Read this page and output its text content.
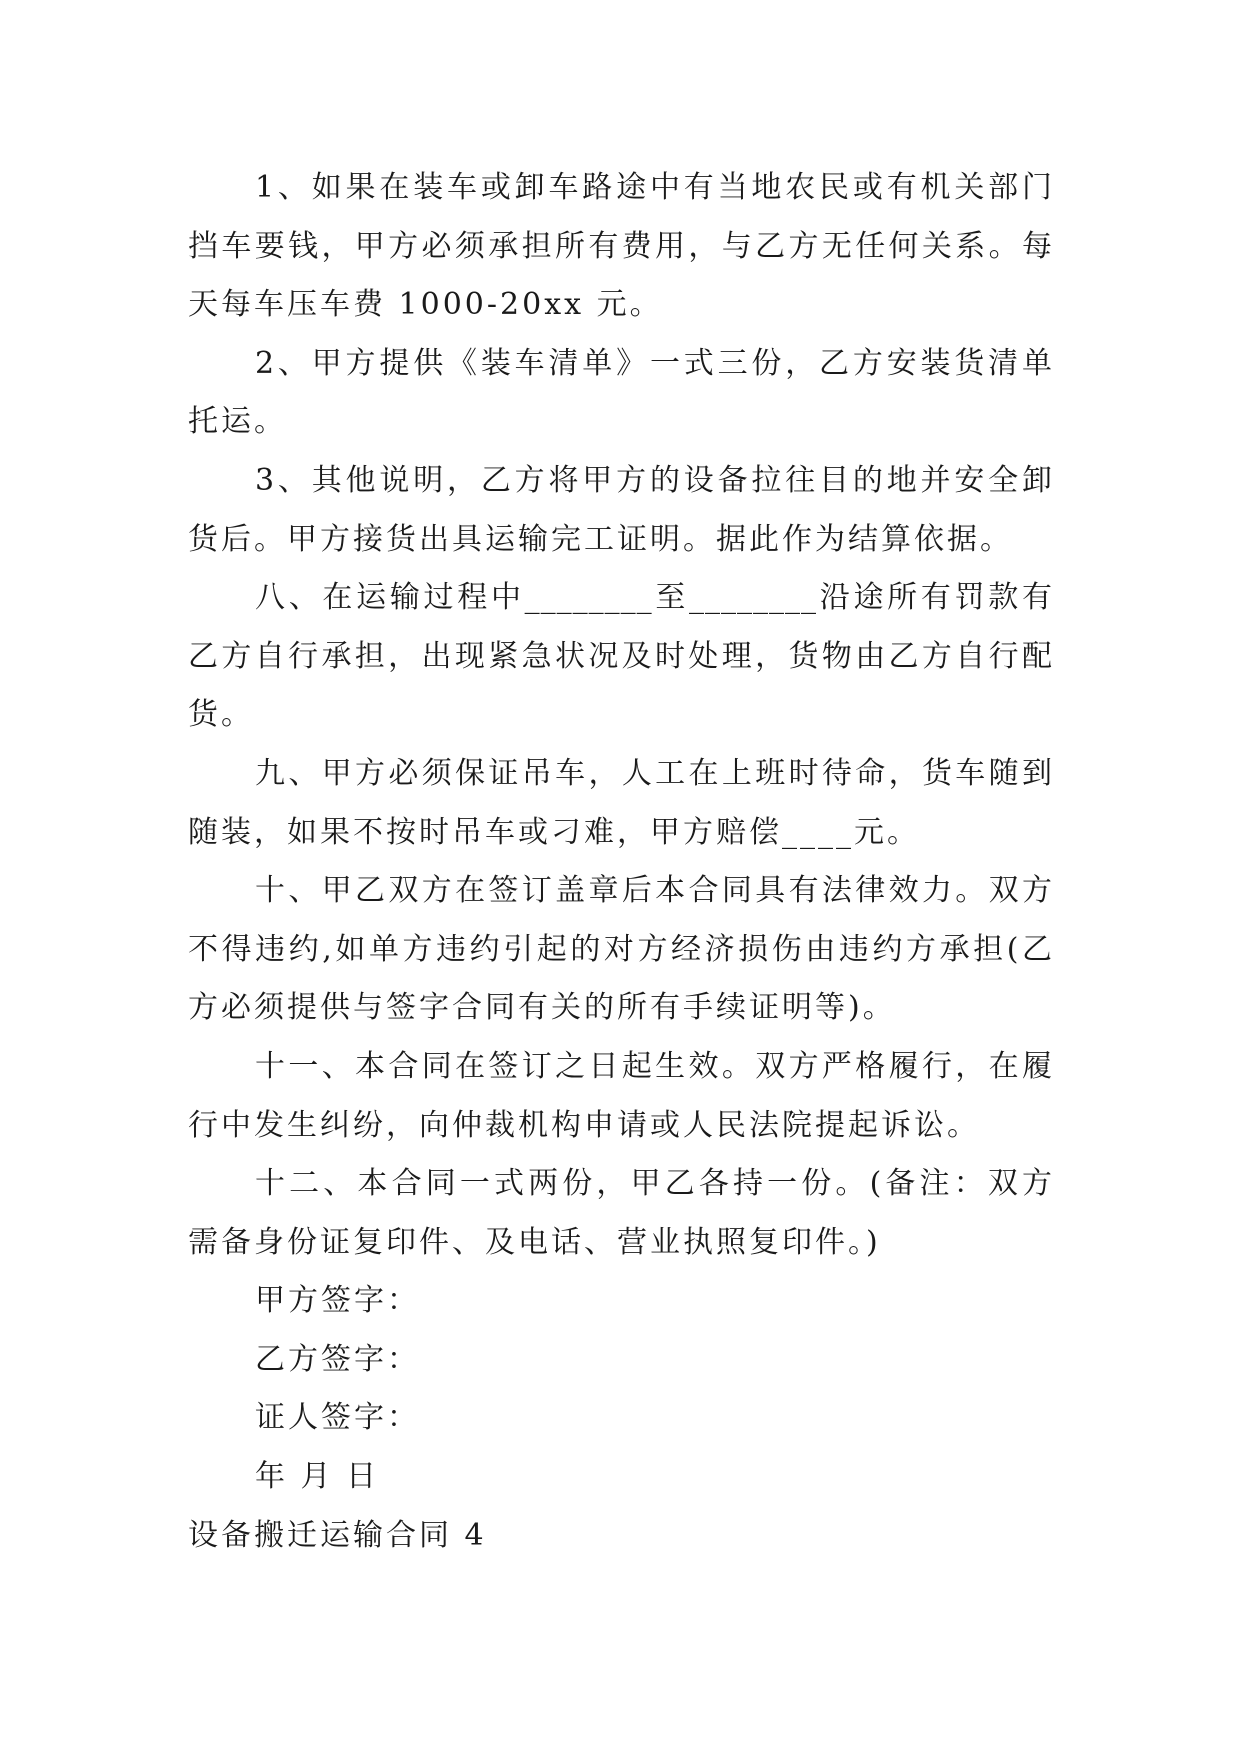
1、如果在装车或卸车路途中有当地农民或有机关部门
挡车要钱，甲方必须承担所有费用，与乙方无任何关系。每
天每车压车费 1000-20xx 元。
2、甲方提供《装车清单》一式三份，乙方安装货清单
托运。
3、其他说明，乙方将甲方的设备拉往目的地并安全卸
货后。甲方接货出具运输完工证明。据此作为结算依据。
八、在运输过程中________至________沿途所有罚款有
乙方自行承担，出现紧急状况及时处理，货物由乙方自行配
货。
九、甲方必须保证吊车，人工在上班时待命，货车随到
随装，如果不按时吊车或刁难，甲方赔偿____元。
十、甲乙双方在签订盖章后本合同具有法律效力。双方
不得违约,如单方违约引起的对方经济损伤由违约方承担(乙
方必须提供与签字合同有关的所有手续证明等)。
十一、本合同在签订之日起生效。双方严格履行，在履
行中发生纠纷，向仲裁机构申请或人民法院提起诉讼。
十二、本合同一式两份，甲乙各持一份。(备注：双方
需备身份证复印件、及电话、营业执照复印件。)
甲方签字：
乙方签字：
证人签字：
年 月 日
设备搬迁运输合同 4
